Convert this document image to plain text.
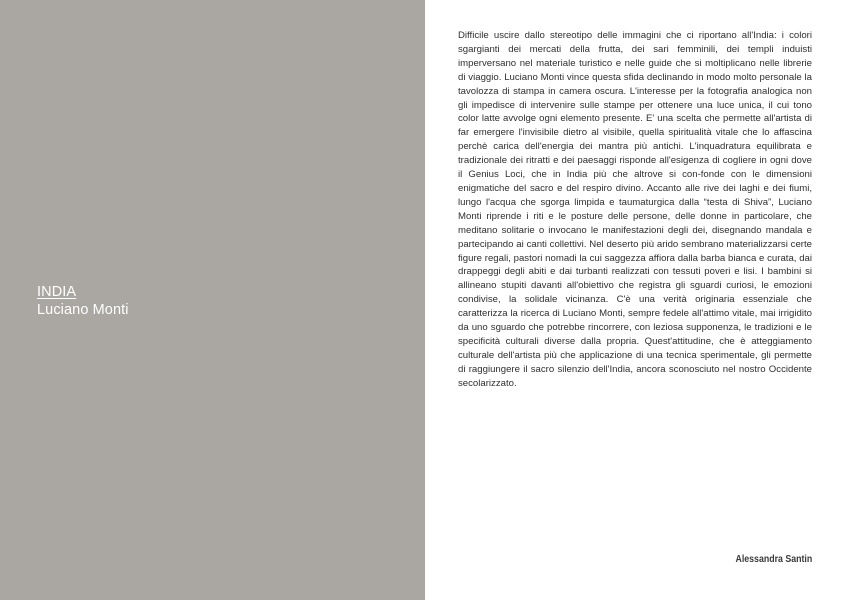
INDIA
Luciano Monti

Difficile uscire dallo stereotipo delle immagini che ci riportano all'India: i colori sgargianti dei mercati della frutta, dei sari femminili, dei templi induisti imperversano nel materiale turistico e nelle guide che si moltiplicano nelle librerie di viaggio. Luciano Monti vince questa sfida declinando in modo molto personale la tavolozza di stampa in camera oscura. L'interesse per la fotografia analogica non gli impedisce di intervenire sulle stampe per ottenere una luce unica, il cui tono color latte avvolge ogni elemento presente. E' una scelta che permette all'artista di far emergere l'invisibile dietro al visibile, quella spiritualità vitale che lo affascina perchè carica dell'energia dei mantra più antichi. L'inquadratura equilibrata e tradizionale dei ritratti e dei paesaggi risponde all'esigenza di cogliere in ogni dove il Genius Loci, che in India più che altrove si con-fonde con le dimensioni enigmatiche del sacro e del respiro divino. Accanto alle rive dei laghi e dei fiumi, lungo l'acqua che sgorga limpida e taumaturgica dalla “testa di Shiva”, Luciano Monti riprende i riti e le posture delle persone, delle donne in particolare, che meditano solitarie o invocano le manifestazioni degli dei, disegnando mandala e partecipando ai canti collettivi. Nel deserto più arido sembrano materializzarsi certe figure regali, pastori nomadi la cui saggezza affiora dalla barba bianca e curata, dai drappeggi degli abiti e dai turbanti realizzati con tessuti poveri e lisi. I bambini si allineano stupiti davanti all'obiettivo che registra gli sguardi curiosi, le emozioni condivise, la solidale vicinanza. C'è una verità originaria essenziale che caratterizza la ricerca di Luciano Monti, sempre fedele all'attimo vitale, mai irrigidito da uno sguardo che potrebbe rincorrere, con leziosa supponenza, le tradizioni e le specificità culturali diverse dalla propria. Quest'attitudine, che è atteggiamento culturale dell'artista più che applicazione di una tecnica sperimentale, gli permette di raggiungere il sacro silenzio dell'India, ancora sconosciuto nel nostro Occidente secolarizzato.

Alessandra Santin
